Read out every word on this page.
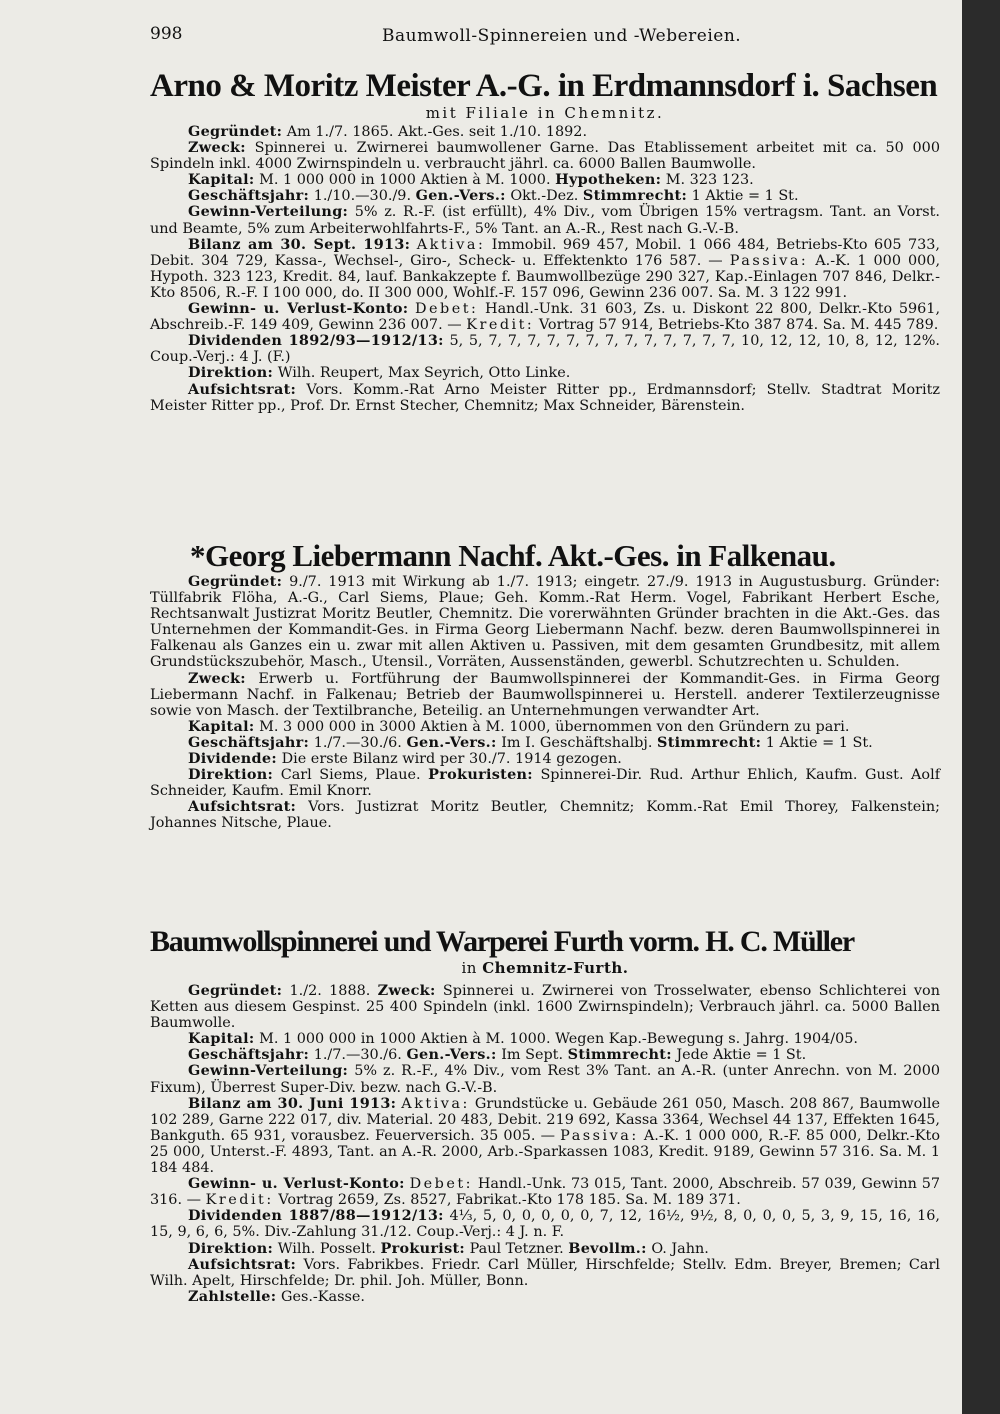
998	Baumwoll-Spinnereien und -Webereien.
Arno & Moritz Meister A.-G. in Erdmannsdorf i. Sachsen
mit Filiale in Chemnitz.

Gegründet: Am 1./7. 1865. Akt.-Ges. seit 1./10. 1892.

Zweck: Spinnerei u. Zwirnerei baumwollener Garne. Das Etablissement arbeitet mit ca. 50 000 Spindeln inkl. 4000 Zwirnspindeln u. verbraucht jährl. ca. 6000 Ballen Baumwolle.

Kapital: M. 1 000 000 in 1000 Aktien à M. 1000. Hypotheken: M. 323 123.

Geschäftsjahr: 1./10.—30./9. Gen.-Vers.: Okt.-Dez. Stimmrecht: 1 Aktie = 1 St.

Gewinn-Verteilung: 5% z. R.-F. (ist erfüllt), 4% Div., vom Übrigen 15% vertragsm. Tant. an Vorst. und Beamte, 5% zum Arbeiterwohlfahrts-F., 5% Tant. an A.-R., Rest nach G.-V.-B.

Bilanz am 30. Sept. 1913: Aktiva: Immobil. 969 457, Mobil. 1 066 484, Betriebs-Kto 605 733, Debit. 304 729, Kassa-, Wechsel-, Giro-, Scheck- u. Effektenkto 176 587. — Passiva: A.-K. 1 000 000, Hypoth. 323 123, Kredit. 84, lauf. Bankakzepte f. Baumwollbezüge 290 327, Kap.-Einlagen 707 846, Delkr.-Kto 8506, R.-F. I 100 000, do. II 300 000, Wohlf.-F. 157 096, Gewinn 236 007. Sa. M. 3 122 991.

Gewinn- u. Verlust-Konto: Debet: Handl.-Unk. 31 603, Zs. u. Diskont 22 800, Delkr.-Kto 5961, Abschreib.-F. 149 409, Gewinn 236 007. — Kredit: Vortrag 57 914, Betriebs-Kto 387 874. Sa. M. 445 789.

Dividenden 1892/93—1912/13: 5, 5, 7, 7, 7, 7, 7, 7, 7, 7, 7, 7, 7, 7, 7, 10, 12, 12, 10, 8, 12, 12%. Coup.-Verj.: 4 J. (F.)

Direktion: Wilh. Reupert, Max Seyrich, Otto Linke.

Aufsichtsrat: Vors. Komm.-Rat Arno Meister Ritter pp., Erdmannsdorf; Stellv. Stadtrat Moritz Meister Ritter pp., Prof. Dr. Ernst Stecher, Chemnitz; Max Schneider, Bärenstein.

*Georg Liebermann Nachf. Akt.-Ges. in Falkenau.

Gegründet: 9./7. 1913 mit Wirkung ab 1./7. 1913; eingetr. 27./9. 1913 in Augustusburg. Gründer: Tüllfabrik Flöha, A.-G., Carl Siems, Plaue; Geh. Komm.-Rat Herm. Vogel, Fabrikant Herbert Esche, Rechtsanwalt Justizrat Moritz Beutler, Chemnitz. Die vorerwähnten Gründer brachten in die Akt.-Ges. das Unternehmen der Kommandit-Ges. in Firma Georg Liebermann Nachf. bezw. deren Baumwollspinnerei in Falkenau als Ganzes ein u. zwar mit allen Aktiven u. Passiven, mit dem gesamten Grundbesitz, mit allem Grundstückszubehör, Masch., Utensil., Vorräten, Aussenständen, gewerbl. Schutzrechten u. Schulden.

Zweck: Erwerb u. Fortführung der Baumwollspinnerei der Kommandit-Ges. in Firma Georg Liebermann Nachf. in Falkenau; Betrieb der Baumwollspinnerei u. Herstell. anderer Textilerzeugnisse sowie von Masch. der Textilbranche, Beteilig. an Unternehmungen verwandter Art.

Kapital: M. 3 000 000 in 3000 Aktien à M. 1000, übernommen von den Gründern zu pari.

Geschäftsjahr: 1./7.—30./6. Gen.-Vers.: Im I. Geschäftshalbj. Stimmrecht: 1 Aktie = 1 St.

Dividende: Die erste Bilanz wird per 30./7. 1914 gezogen.

Direktion: Carl Siems, Plaue. Prokuristen: Spinnerei-Dir. Rud. Arthur Ehlich, Kaufm. Gust. Aolf Schneider, Kaufm. Emil Knorr.

Aufsichtsrat: Vors. Justizrat Moritz Beutler, Chemnitz; Komm.-Rat Emil Thorey, Falkenstein; Johannes Nitsche, Plaue.

Baumwollspinnerei und Warperei Furth vorm. H. C. Müller
in Chemnitz-Furth.

Gegründet: 1./2. 1888. Zweck: Spinnerei u. Zwirnerei von Trosselwater, ebenso Schlichterei von Ketten aus diesem Gespinst. 25 400 Spindeln (inkl. 1600 Zwirnspindeln); Verbrauch jährl. ca. 5000 Ballen Baumwolle.

Kapital: M. 1 000 000 in 1000 Aktien à M. 1000. Wegen Kap.-Bewegung s. Jahrg. 1904/05.

Geschäftsjahr: 1./7.—30./6. Gen.-Vers.: Im Sept. Stimmrecht: Jede Aktie = 1 St.

Gewinn-Verteilung: 5% z. R.-F., 4% Div., vom Rest 3% Tant. an A.-R. (unter Anrechn. von M. 2000 Fixum), Überrest Super-Div. bezw. nach G.-V.-B.

Bilanz am 30. Juni 1913: Aktiva: Grundstücke u. Gebäude 261 050, Masch. 208 867, Baumwolle 102 289, Garne 222 017, div. Material. 20 483, Debit. 219 692, Kassa 3364, Wechsel 44 137, Effekten 1645, Bankguth. 65 931, vorausbez. Feuerversich. 35 005. — Passiva: A.-K. 1 000 000, R.-F. 85 000, Delkr.-Kto 25 000, Unterst.-F. 4893, Tant. an A.-R. 2000, Arb.-Sparkassen 1083, Kredit. 9189, Gewinn 57 316. Sa. M. 1 184 484.

Gewinn- u. Verlust-Konto: Debet: Handl.-Unk. 73 015, Tant. 2000, Abschreib. 57 039, Gewinn 57 316. — Kredit: Vortrag 2659, Zs. 8527, Fabrikat.-Kto 178 185. Sa. M. 189 371.

Dividenden 1887/88—1912/13: 4⅓, 5, 0, 0, 0, 0, 0, 7, 12, 16½, 9½, 8, 0, 0, 0, 5, 3, 9, 15, 16, 16, 15, 9, 6, 6, 5%. Div.-Zahlung 31./12. Coup.-Verj.: 4 J. n. F.

Direktion: Wilh. Posselt. Prokurist: Paul Tetzner. Bevollm.: O. Jahn.

Aufsichtsrat: Vors. Fabrikbes. Friedr. Carl Müller, Hirschfelde; Stellv. Edm. Breyer, Bremen; Carl Wilh. Apelt, Hirschfelde; Dr. phil. Joh. Müller, Bonn.

Zahlstelle: Ges.-Kasse.
